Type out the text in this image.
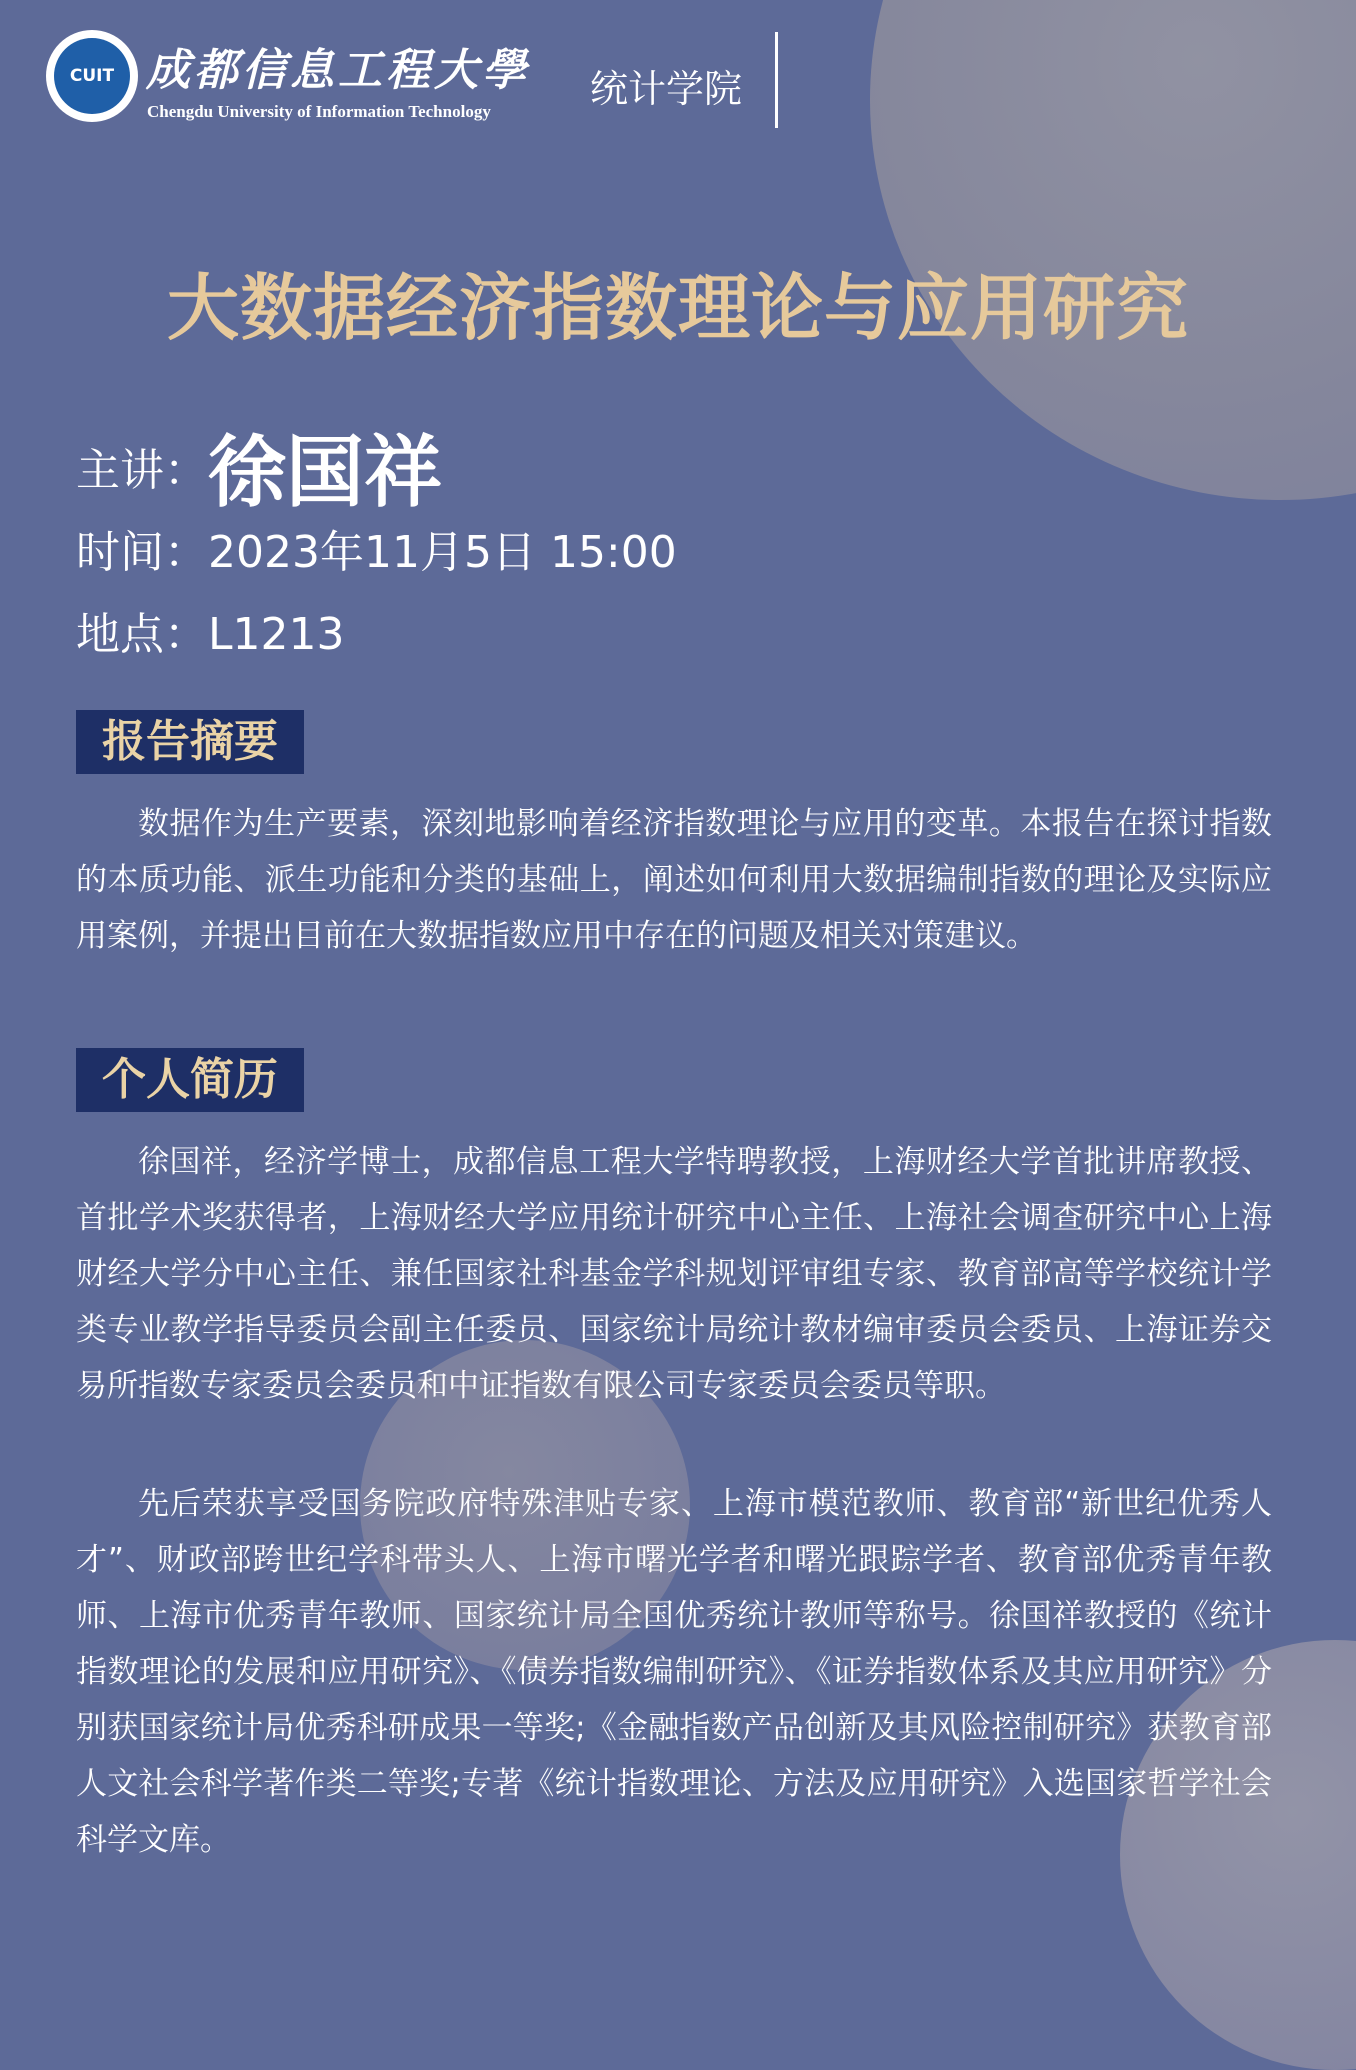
CUIT 成都信息工程大學
Chengdu University of Information Technology
统计学院
大数据经济指数理论与应用研究
主讲：徐国祥
时间：2023年11月5日 15:00
地点：L1213
报告摘要

数据作为生产要素，深刻地影响着经济指数理论与应用的变革。本报告在探讨指数的本质功能、派生功能和分类的基础上，阐述如何利用大数据编制指数的理论及实际应用案例，并提出目前在大数据指数应用中存在的问题及相关对策建议。

个人简历

徐国祥，经济学博士，成都信息工程大学特聘教授，上海财经大学首批讲席教授、首批学术奖获得者，上海财经大学应用统计研究中心主任、上海社会调查研究中心上海财经大学分中心主任、兼任国家社科基金学科规划评审组专家、教育部高等学校统计学类专业教学指导委员会副主任委员、国家统计局统计教材编审委员会委员、上海证券交易所指数专家委员会委员和中证指数有限公司专家委员会委员等职。

先后荣获享受国务院政府特殊津贴专家、上海市模范教师、教育部“新世纪优秀人才”、财政部跨世纪学科带头人、上海市曙光学者和曙光跟踪学者、教育部优秀青年教师、上海市优秀青年教师、国家统计局全国优秀统计教师等称号。徐国祥教授的《统计指数理论的发展和应用研究》、《债券指数编制研究》、《证券指数体系及其应用研究》分别获国家统计局优秀科研成果一等奖;《金融指数产品创新及其风险控制研究》获教育部人文社会科学著作类二等奖;专著《统计指数理论、方法及应用研究》入选国家哲学社会科学文库。
